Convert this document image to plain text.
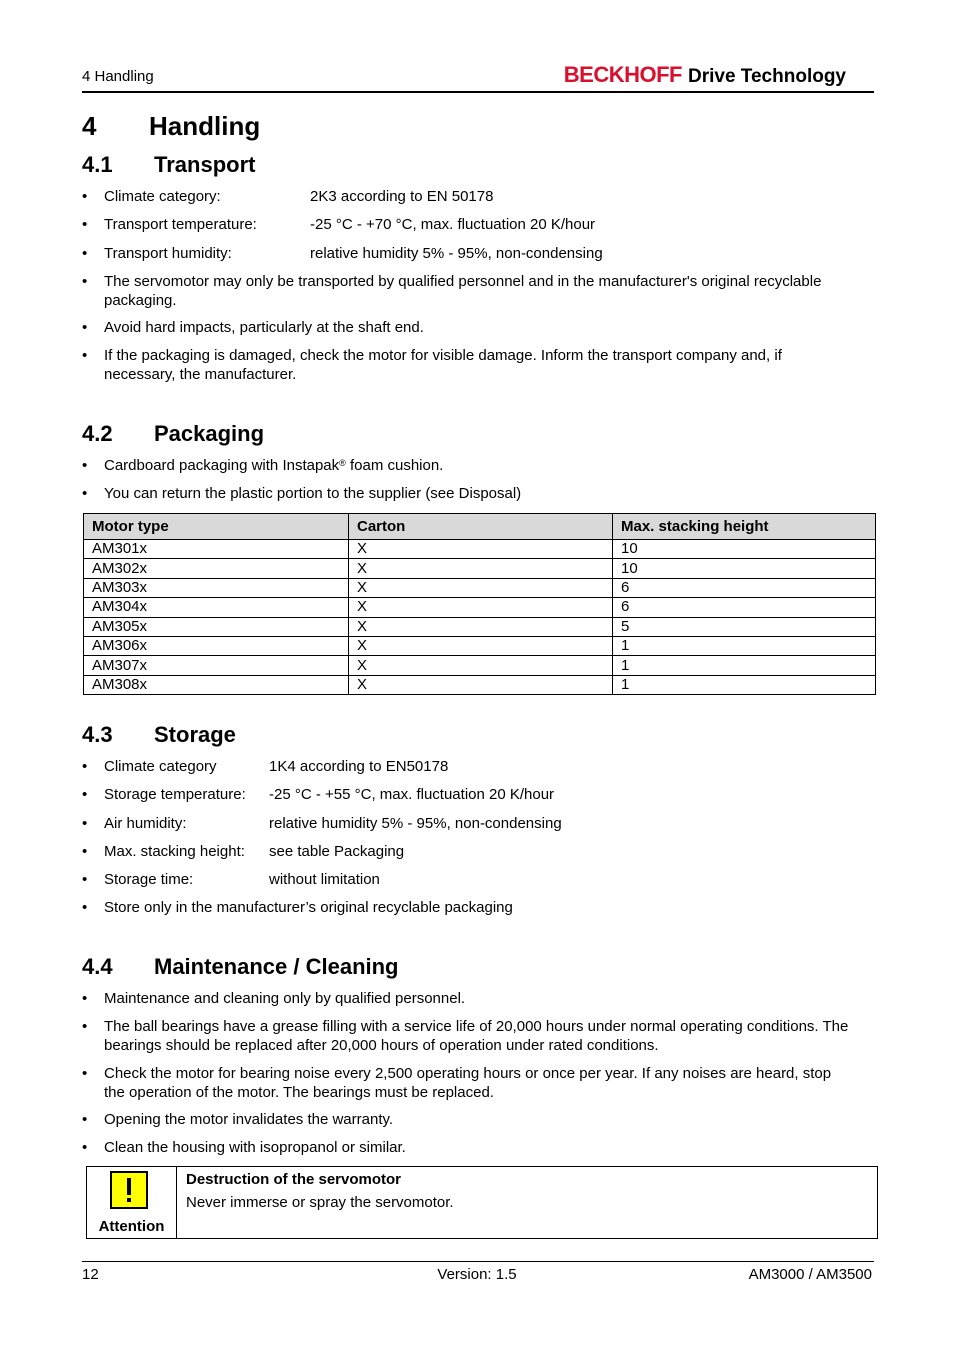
4 Handling	BECKHOFF Drive Technology
4 Handling
4.1 Transport
•	Climate category:	2K3 according to EN 50178
•	Transport temperature:	-25 °C - +70 °C, max. fluctuation 20 K/hour
•	Transport humidity:	relative humidity 5% - 95%, non-condensing
•	The servomotor may only be transported by qualified personnel and in the manufacturer's original recyclable packaging.
•	Avoid hard impacts, particularly at the shaft end.
•	If the packaging is damaged, check the motor for visible damage. Inform the transport company and, if necessary, the manufacturer.
4.2 Packaging
•	Cardboard packaging with Instapak® foam cushion.
•	You can return the plastic portion to the supplier (see Disposal)
Motor type	Carton	Max. stacking height
AM301x	X	10
AM302x	X	10
AM303x	X	6
AM304x	X	6
AM305x	X	5
AM306x	X	1
AM307x	X	1
AM308x	X	1
4.3 Storage
•	Climate category	1K4 according to EN50178
•	Storage temperature:	-25 °C - +55 °C, max. fluctuation 20 K/hour
•	Air humidity:	relative humidity 5% - 95%, non-condensing
•	Max. stacking height:	see table Packaging
•	Storage time:	without limitation
•	Store only in the manufacturer’s original recyclable packaging
4.4 Maintenance / Cleaning
•	Maintenance and cleaning only by qualified personnel.
•	The ball bearings have a grease filling with a service life of 20,000 hours under normal operating conditions. The bearings should be replaced after 20,000 hours of operation under rated conditions.
•	Check the motor for bearing noise every 2,500 operating hours or once per year. If any noises are heard, stop the operation of the motor. The bearings must be replaced.
•	Opening the motor invalidates the warranty.
•	Clean the housing with isopropanol or similar.
Attention
Destruction of the servomotor
Never immerse or spray the servomotor.
12	Version: 1.5	AM3000 / AM3500
